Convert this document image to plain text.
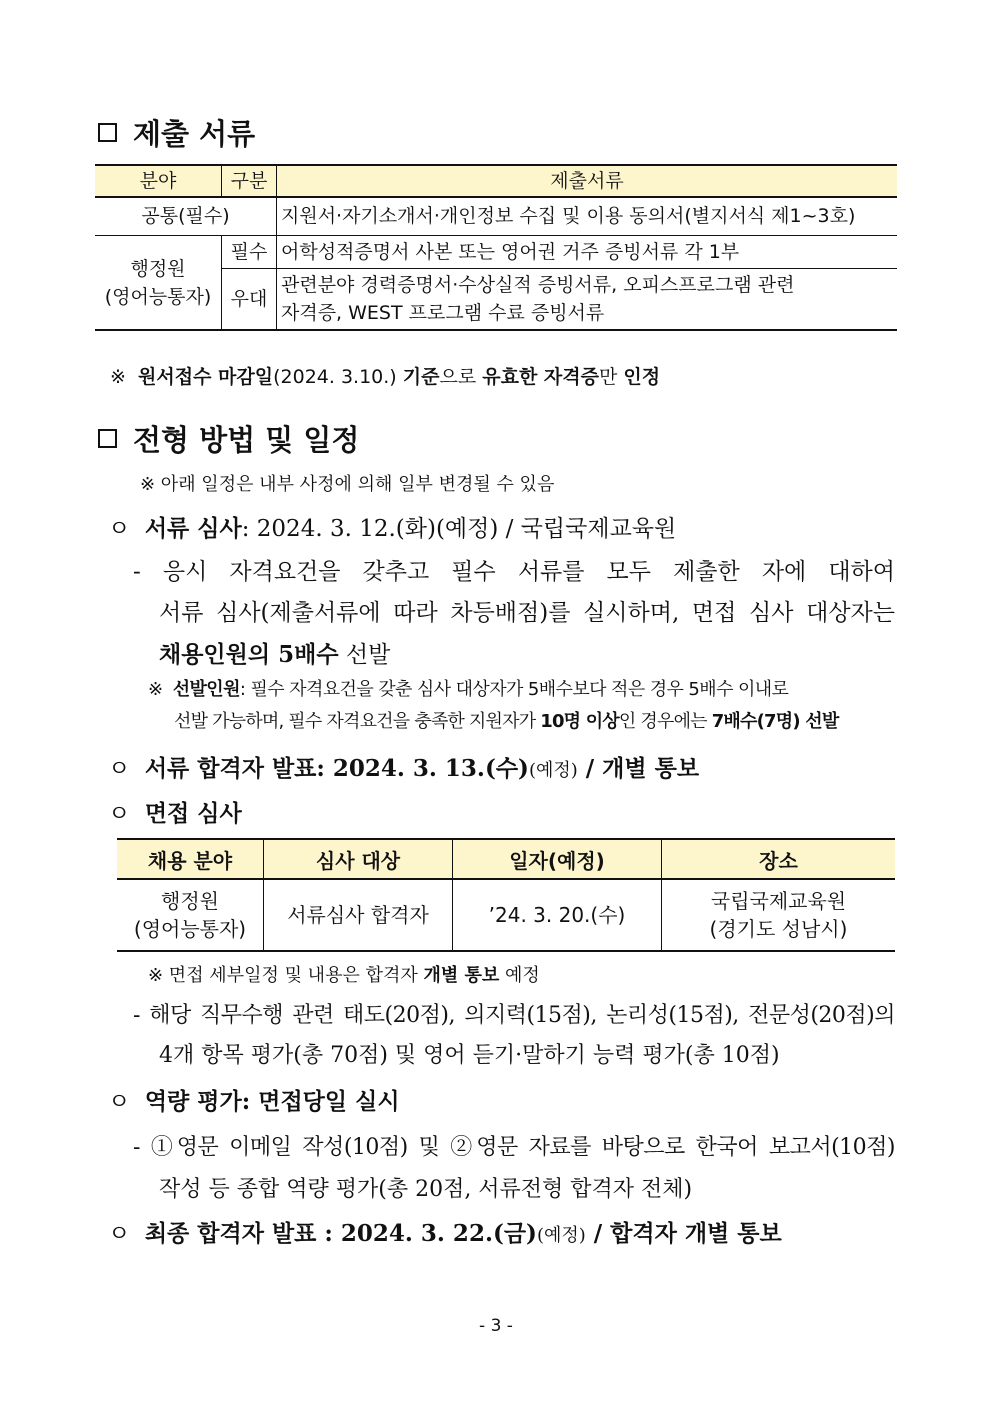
제출 서류
분야	구분	제출서류
공통(필수)		지원서·자기소개서·개인정보 수집 및 이용 동의서(별지서식 제1~3호)
행정원
(영어능통자)	필수	어학성적증명서 사본 또는 영어권 거주 증빙서류 각 1부
	우대	관련분야 경력증명서·수상실적 증빙서류, 오피스프로그램 관련
자격증, WEST 프로그램 수료 증빙서류
※ 원서접수 마감일(2024. 3.10.) 기준으로 유효한 자격증만 인정
전형 방법 및 일정
※ 아래 일정은 내부 사정에 의해 일부 변경될 수 있음
ㅇ 서류 심사: 2024. 3. 12.(화)(예정) / 국립국제교육원
- 응시 자격요건을 갖추고 필수 서류를 모두 제출한 자에 대하여
서류 심사(제출서류에 따라 차등배점)를 실시하며, 면접 심사 대상자는
채용인원의 5배수 선발
※ 선발인원: 필수 자격요건을 갖춘 심사 대상자가 5배수보다 적은 경우 5배수 이내로
선발 가능하며, 필수 자격요건을 충족한 지원자가 10명 이상인 경우에는 7배수(7명) 선발
ㅇ 서류 합격자 발표: 2024. 3. 13.(수)(예정) / 개별 통보
ㅇ 면접 심사
채용 분야	심사 대상	일자(예정)	장소
행정원
(영어능통자)	서류심사 합격자	’24. 3. 20.(수)	국립국제교육원
(경기도 성남시)
※ 면접 세부일정 및 내용은 합격자 개별 통보 예정
- 해당 직무수행 관련 태도(20점), 의지력(15점), 논리성(15점), 전문성(20점)의
4개 항목 평가(총 70점) 및 영어 듣기·말하기 능력 평가(총 10점)
ㅇ 역량 평가: 면접당일 실시
- ①영문 이메일 작성(10점) 및 ②영문 자료를 바탕으로 한국어 보고서(10점)
작성 등 종합 역량 평가(총 20점, 서류전형 합격자 전체)
ㅇ 최종 합격자 발표 : 2024. 3. 22.(금)(예정) / 합격자 개별 통보
- 3 -
